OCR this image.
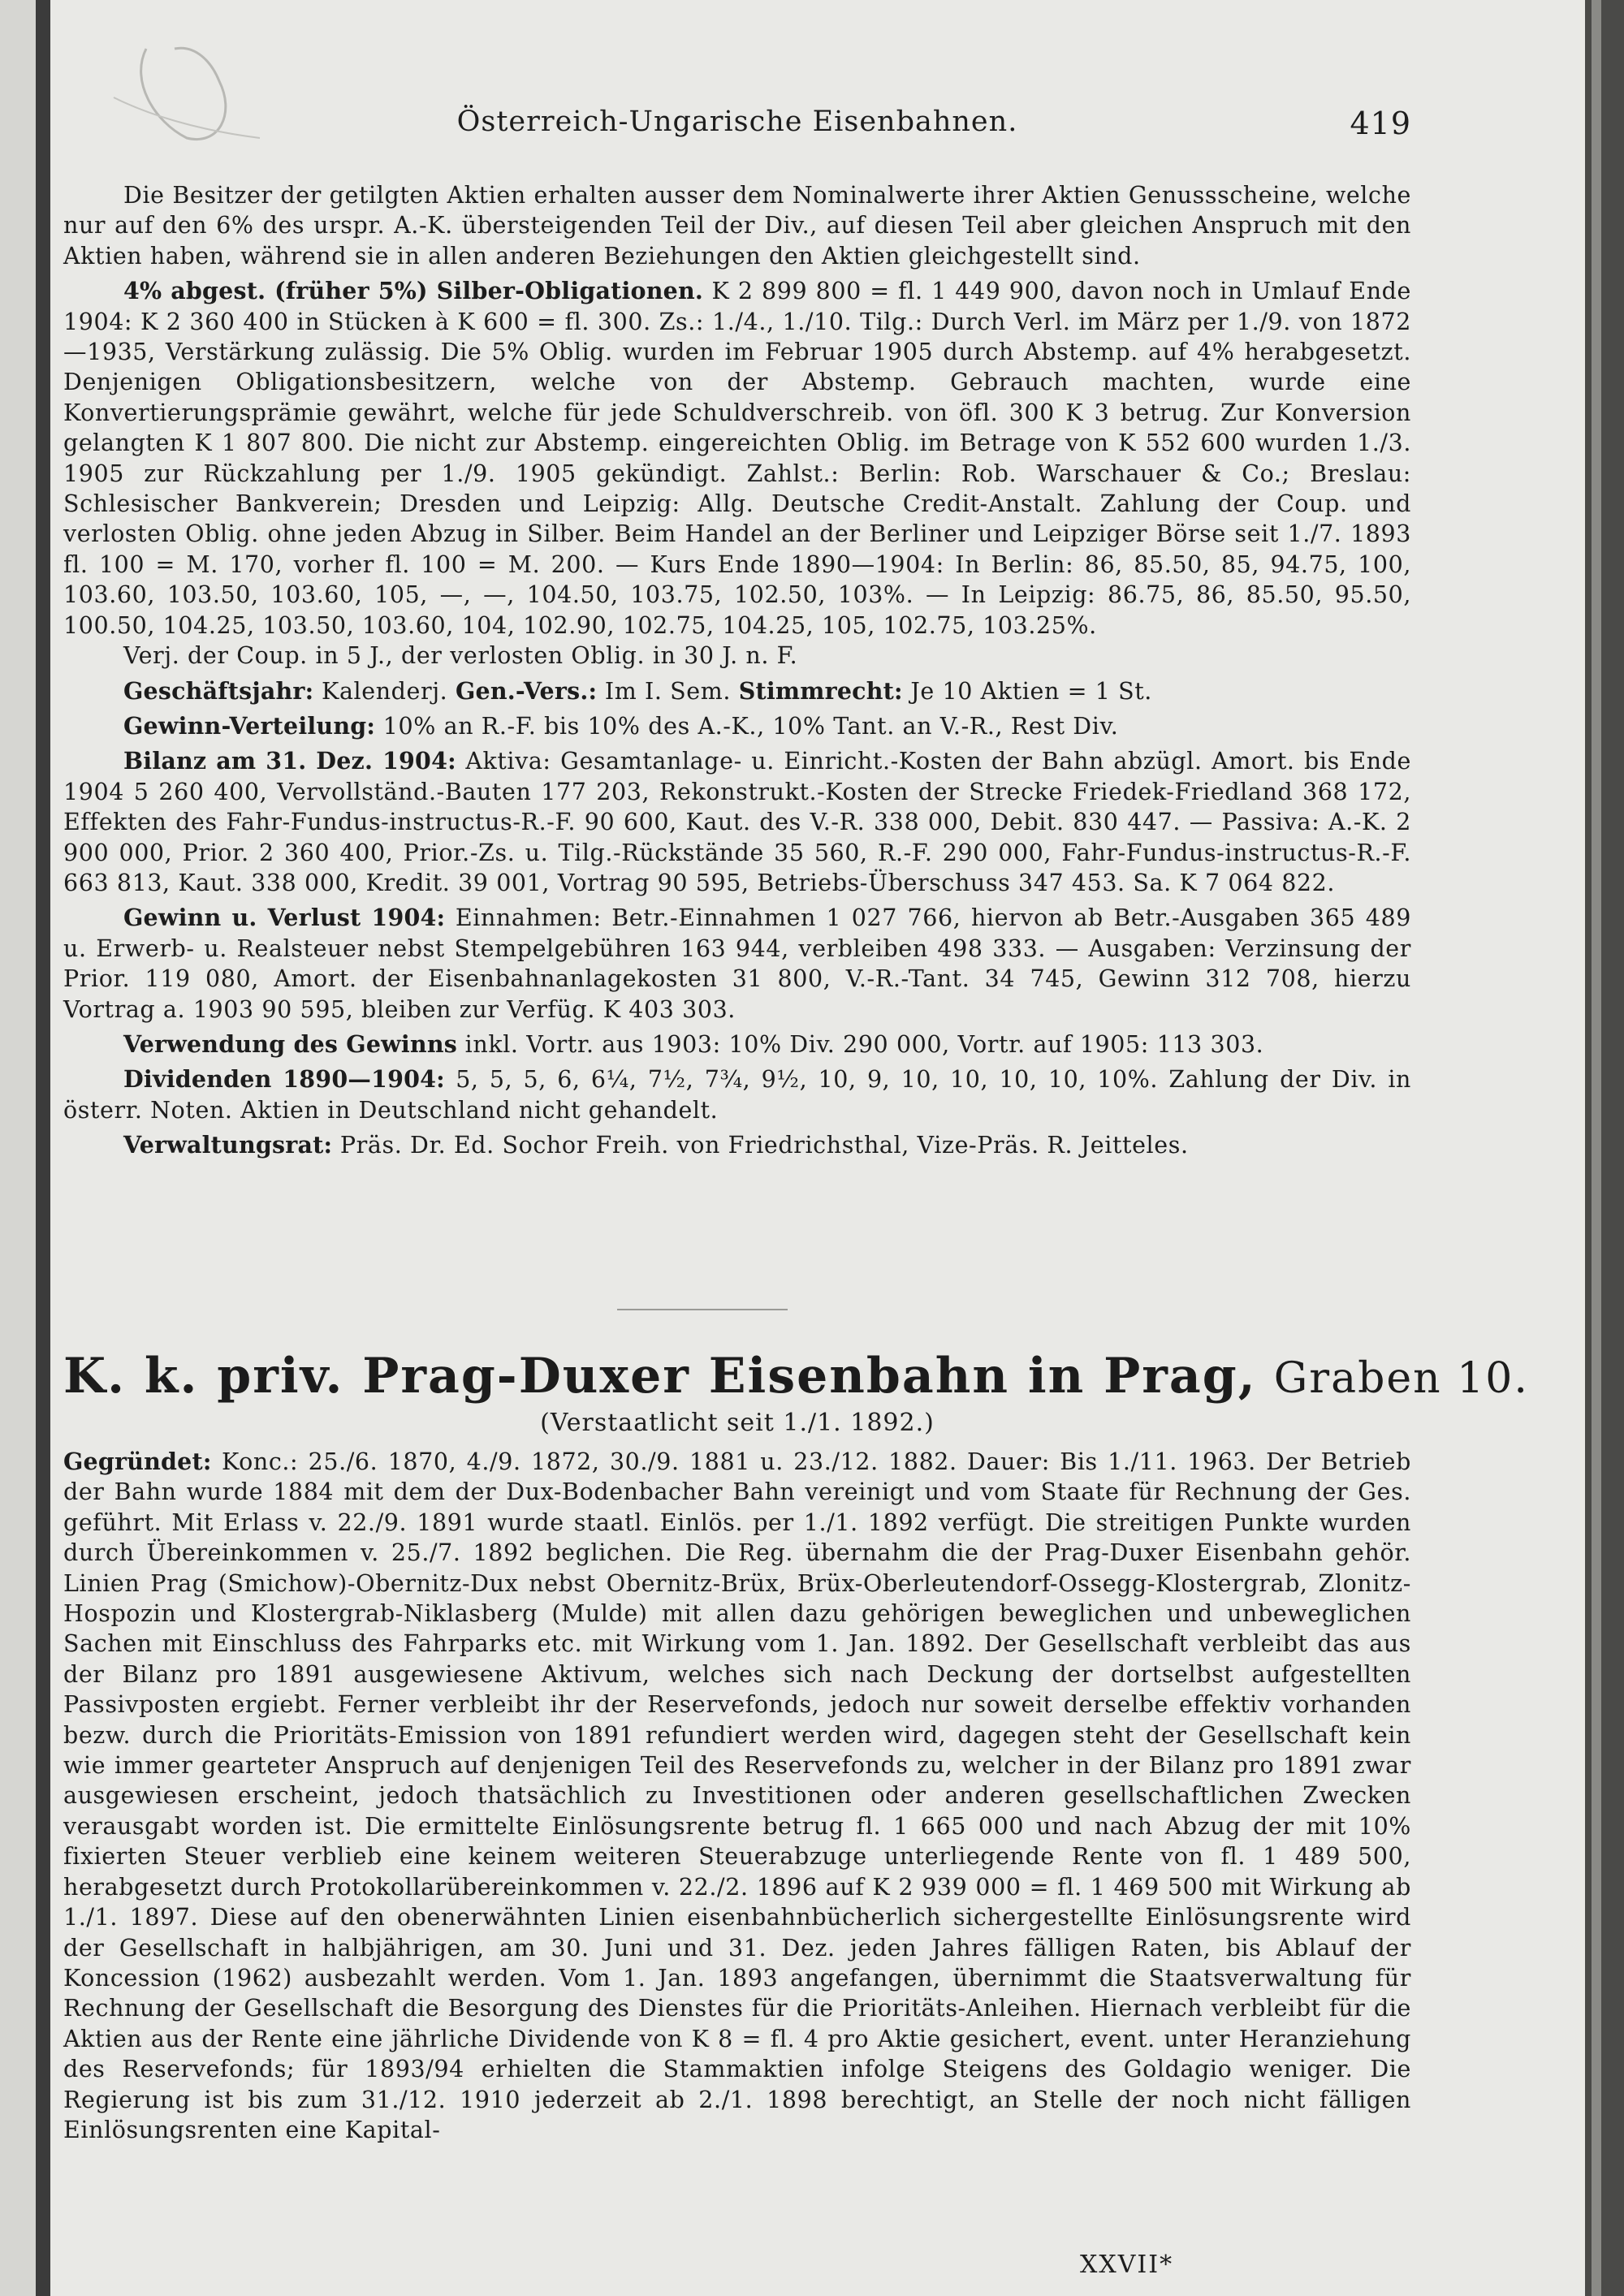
Österreich-Ungarische Eisenbahnen.	419

Die Besitzer der getilgten Aktien erhalten ausser dem Nominalwerte ihrer Aktien Genussscheine, welche nur auf den 6% des urspr. A.-K. übersteigenden Teil der Div., auf diesen Teil aber gleichen Anspruch mit den Aktien haben, während sie in allen anderen Beziehungen den Aktien gleichgestellt sind.

4% abgest. (früher 5%) Silber-Obligationen. K 2 899 800 = fl. 1 449 900, davon noch in Umlauf Ende 1904: K 2 360 400 in Stücken à K 600 = fl. 300. Zs.: 1./4., 1./10. Tilg.: Durch Verl. im März per 1./9. von 1872—1935, Verstärkung zulässig. Die 5% Oblig. wurden im Februar 1905 durch Abstemp. auf 4% herabgesetzt. Denjenigen Obligationsbesitzern, welche von der Abstemp. Gebrauch machten, wurde eine Konvertierungsprämie gewährt, welche für jede Schuldverschreib. von öfl. 300 K 3 betrug. Zur Konversion gelangten K 1 807 800. Die nicht zur Abstemp. eingereichten Oblig. im Betrage von K 552 600 wurden 1./3. 1905 zur Rückzahlung per 1./9. 1905 gekündigt. Zahlst.: Berlin: Rob. Warschauer & Co.; Breslau: Schlesischer Bankverein; Dresden und Leipzig: Allg. Deutsche Credit-Anstalt. Zahlung der Coup. und verlosten Oblig. ohne jeden Abzug in Silber. Beim Handel an der Berliner und Leipziger Börse seit 1./7. 1893 fl. 100 = M. 170, vorher fl. 100 = M. 200. — Kurs Ende 1890—1904: In Berlin: 86, 85.50, 85, 94.75, 100, 103.60, 103.50, 103.60, 105, —, —, 104.50, 103.75, 102.50, 103%. — In Leipzig: 86.75, 86, 85.50, 95.50, 100.50, 104.25, 103.50, 103.60, 104, 102.90, 102.75, 104.25, 105, 102.75, 103.25%.

Verj. der Coup. in 5 J., der verlosten Oblig. in 30 J. n. F.

Geschäftsjahr: Kalenderj. Gen.-Vers.: Im I. Sem. Stimmrecht: Je 10 Aktien = 1 St.

Gewinn-Verteilung: 10% an R.-F. bis 10% des A.-K., 10% Tant. an V.-R., Rest Div.

Bilanz am 31. Dez. 1904: Aktiva: Gesamtanlage- u. Einricht.-Kosten der Bahn abzügl. Amort. bis Ende 1904 5 260 400, Vervollständ.-Bauten 177 203, Rekonstrukt.-Kosten der Strecke Friedek-Friedland 368 172, Effekten des Fahr-Fundus-instructus-R.-F. 90 600, Kaut. des V.-R. 338 000, Debit. 830 447. — Passiva: A.-K. 2 900 000, Prior. 2 360 400, Prior.-Zs. u. Tilg.-Rückstände 35 560, R.-F. 290 000, Fahr-Fundus-instructus-R.-F. 663 813, Kaut. 338 000, Kredit. 39 001, Vortrag 90 595, Betriebs-Überschuss 347 453. Sa. K 7 064 822.

Gewinn u. Verlust 1904: Einnahmen: Betr.-Einnahmen 1 027 766, hiervon ab Betr.-Ausgaben 365 489 u. Erwerb- u. Realsteuer nebst Stempelgebühren 163 944, verbleiben 498 333. — Ausgaben: Verzinsung der Prior. 119 080, Amort. der Eisenbahnanlagekosten 31 800, V.-R.-Tant. 34 745, Gewinn 312 708, hierzu Vortrag a. 1903 90 595, bleiben zur Verfüg. K 403 303.

Verwendung des Gewinns inkl. Vortr. aus 1903: 10% Div. 290 000, Vortr. auf 1905: 113 303.

Dividenden 1890—1904: 5, 5, 5, 6, 6¼, 7½, 7¾, 9½, 10, 9, 10, 10, 10, 10, 10%. Zahlung der Div. in österr. Noten. Aktien in Deutschland nicht gehandelt.

Verwaltungsrat: Präs. Dr. Ed. Sochor Freih. von Friedrichsthal, Vize-Präs. R. Jeitteles.

K. k. priv. Prag-Duxer Eisenbahn in Prag, Graben 10.
(Verstaatlicht seit 1./1. 1892.)

Gegründet: Konc.: 25./6. 1870, 4./9. 1872, 30./9. 1881 u. 23./12. 1882. Dauer: Bis 1./11. 1963. Der Betrieb der Bahn wurde 1884 mit dem der Dux-Bodenbacher Bahn vereinigt und vom Staate für Rechnung der Ges. geführt. Mit Erlass v. 22./9. 1891 wurde staatl. Einlös. per 1./1. 1892 verfügt. Die streitigen Punkte wurden durch Übereinkommen v. 25./7. 1892 beglichen. Die Reg. übernahm die der Prag-Duxer Eisenbahn gehör. Linien Prag (Smichow)-Obernitz-Dux nebst Obernitz-Brüx, Brüx-Oberleutendorf-Ossegg-Klostergrab, Zlonitz-Hospozin und Klostergrab-Niklasberg (Mulde) mit allen dazu gehörigen beweglichen und unbeweglichen Sachen mit Einschluss des Fahrparks etc. mit Wirkung vom 1. Jan. 1892. Der Gesellschaft verbleibt das aus der Bilanz pro 1891 ausgewiesene Aktivum, welches sich nach Deckung der dortselbst aufgestellten Passivposten ergiebt. Ferner verbleibt ihr der Reservefonds, jedoch nur soweit derselbe effektiv vorhanden bezw. durch die Prioritäts-Emission von 1891 refundiert werden wird, dagegen steht der Gesellschaft kein wie immer gearteter Anspruch auf denjenigen Teil des Reservefonds zu, welcher in der Bilanz pro 1891 zwar ausgewiesen erscheint, jedoch thatsächlich zu Investitionen oder anderen gesellschaftlichen Zwecken verausgabt worden ist. Die ermittelte Einlösungsrente betrug fl. 1 665 000 und nach Abzug der mit 10% fixierten Steuer verblieb eine keinem weiteren Steuerabzuge unterliegende Rente von fl. 1 489 500, herabgesetzt durch Protokollarübereinkommen v. 22./2. 1896 auf K 2 939 000 = fl. 1 469 500 mit Wirkung ab 1./1. 1897. Diese auf den obenerwähnten Linien eisenbahnbücherlich sichergestellte Einlösungsrente wird der Gesellschaft in halbjährigen, am 30. Juni und 31. Dez. jeden Jahres fälligen Raten, bis Ablauf der Koncession (1962) ausbezahlt werden. Vom 1. Jan. 1893 angefangen, übernimmt die Staatsverwaltung für Rechnung der Gesellschaft die Besorgung des Dienstes für die Prioritäts-Anleihen. Hiernach verbleibt für die Aktien aus der Rente eine jährliche Dividende von K 8 = fl. 4 pro Aktie gesichert, event. unter Heranziehung des Reservefonds; für 1893/94 erhielten die Stammaktien infolge Steigens des Goldagio weniger. Die Regierung ist bis zum 31./12. 1910 jederzeit ab 2./1. 1898 berechtigt, an Stelle der noch nicht fälligen Einlösungsrenten eine Kapital-

XXVII*
